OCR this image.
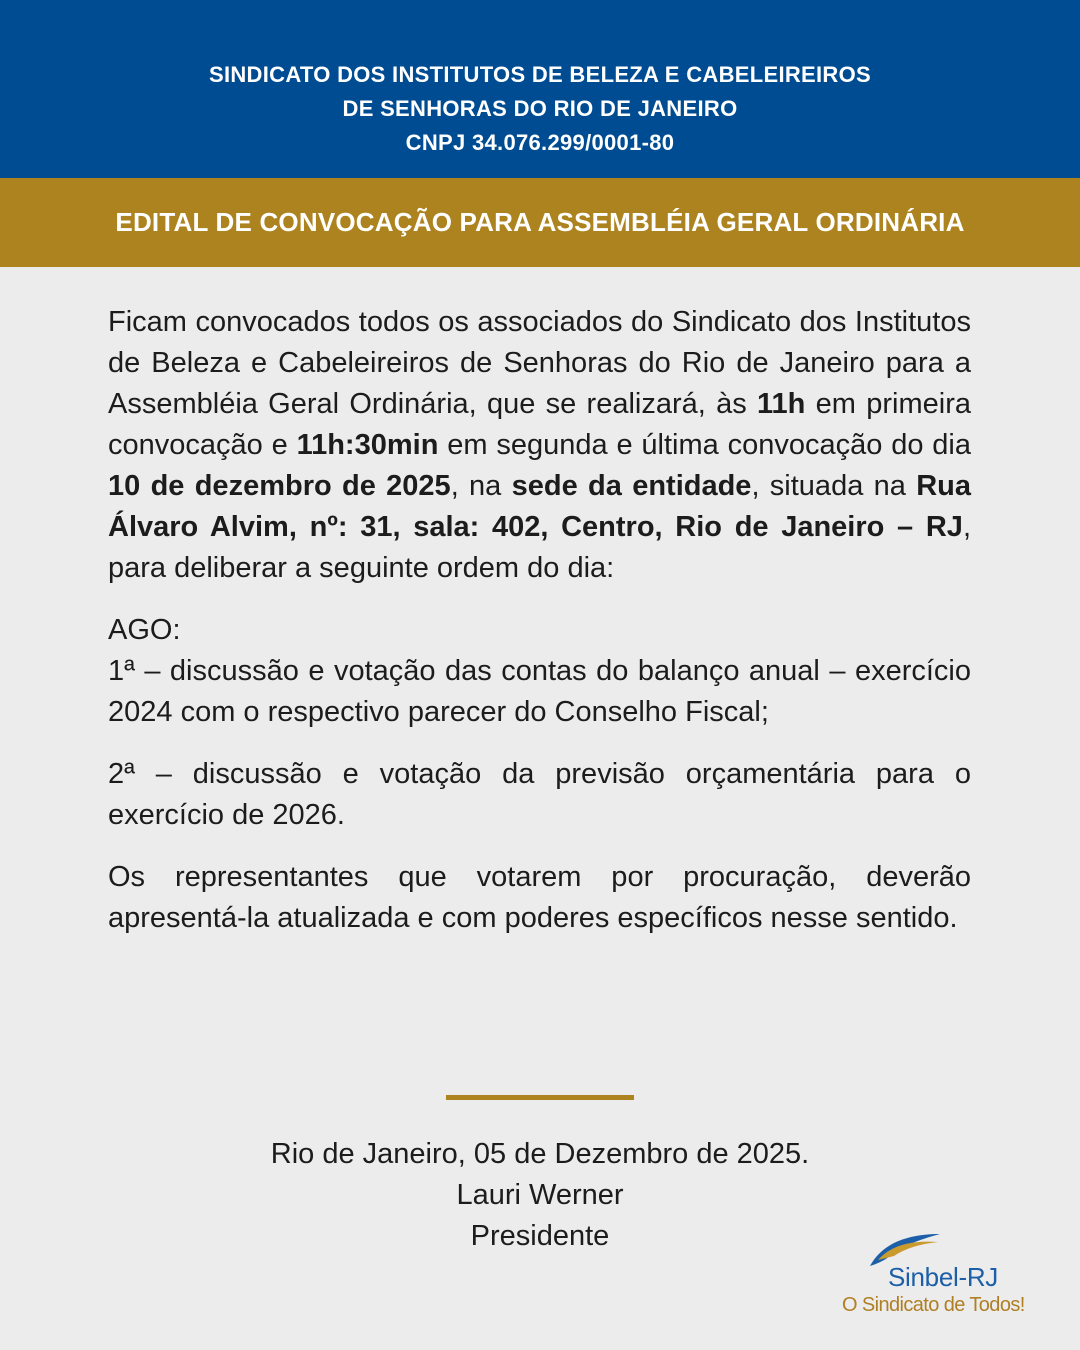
SINDICATO DOS INSTITUTOS DE BELEZA E CABELEIREIROS
DE SENHORAS DO RIO DE JANEIRO
CNPJ 34.076.299/0001-80
EDITAL DE CONVOCAÇÃO PARA ASSEMBLÉIA GERAL ORDINÁRIA

Ficam convocados todos os associados do Sindicato dos Institutos de Beleza e Cabeleireiros de Senhoras do Rio de Janeiro para a Assembléia Geral Ordinária, que se realizará, às 11h em primeira convocação e 11h:30min em segunda e última convocação do dia 10 de dezembro de 2025, na sede da entidade, situada na Rua Álvaro Alvim, nº: 31, sala: 402, Centro, Rio de Janeiro – RJ, para deliberar a seguinte ordem do dia:

AGO:
1ª – discussão e votação das contas do balanço anual – exercício 2024 com o respectivo parecer do Conselho Fiscal;

2ª – discussão e votação da previsão orçamentária para o exercício de 2026.

Os representantes que votarem por procuração, deverão apresentá-la atualizada e com poderes específicos nesse sentido.

Rio de Janeiro, 05 de Dezembro de 2025.
Lauri Werner
Presidente
Sinbel-RJ
O Sindicato de Todos!
